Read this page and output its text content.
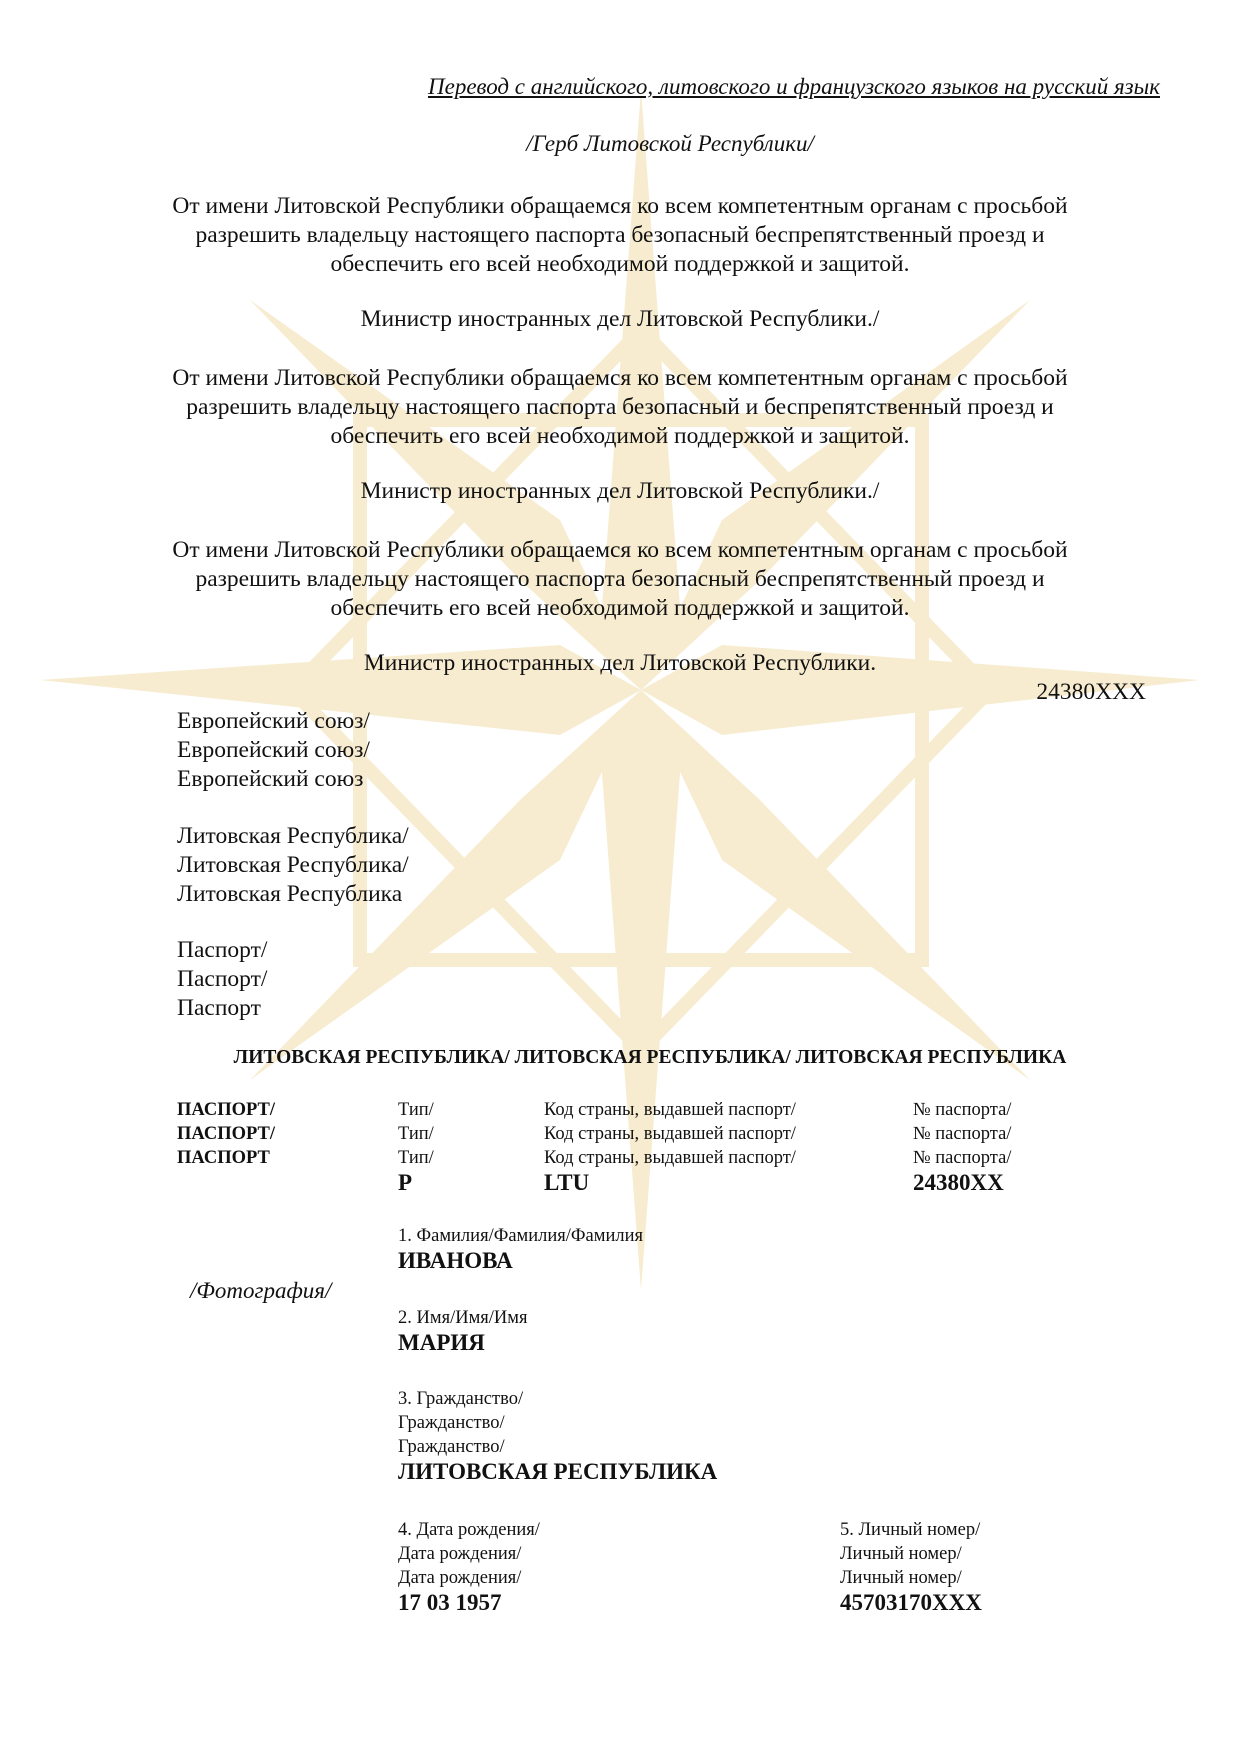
Перевод с английского, литовского и французского языков на русский язык
/Герб Литовской Республики/
От имени Литовской Республики обращаемся ко всем компетентным органам с просьбой
разрешить владельцу настоящего паспорта безопасный беспрепятственный проезд и
обеспечить его всей необходимой поддержкой и защитой.
Министр иностранных дел Литовской Республики./
От имени Литовской Республики обращаемся ко всем компетентным органам с просьбой
разрешить владельцу настоящего паспорта безопасный и беспрепятственный проезд и
обеспечить его всей необходимой поддержкой и защитой.
Министр иностранных дел Литовской Республики./
От имени Литовской Республики обращаемся ко всем компетентным органам с просьбой
разрешить владельцу настоящего паспорта безопасный беспрепятственный проезд и
обеспечить его всей необходимой поддержкой и защитой.
Министр иностранных дел Литовской Республики.
24380XXX
Европейский союз/
Европейский союз/
Европейский союз
Литовская Республика/
Литовская Республика/
Литовская Республика
Паспорт/
Паспорт/
Паспорт
ЛИТОВСКАЯ РЕСПУБЛИКА/ ЛИТОВСКАЯ РЕСПУБЛИКА/ ЛИТОВСКАЯ РЕСПУБЛИКА
ПАСПОРТ/
ПАСПОРТ/
ПАСПОРТ
Тип/
Тип/
Тип/
P
Код страны, выдавшей паспорт/
Код страны, выдавшей паспорт/
Код страны, выдавшей паспорт/
LTU
№ паспорта/
№ паспорта/
№ паспорта/
24380XX
/Фотография/
1. Фамилия/Фамилия/Фамилия
ИВАНОВА
2. Имя/Имя/Имя
МАРИЯ
3. Гражданство/
Гражданство/
Гражданство/
ЛИТОВСКАЯ РЕСПУБЛИКА
4. Дата рождения/
Дата рождения/
Дата рождения/
17 03 1957
5. Личный номер/
Личный номер/
Личный номер/
45703170XXX
